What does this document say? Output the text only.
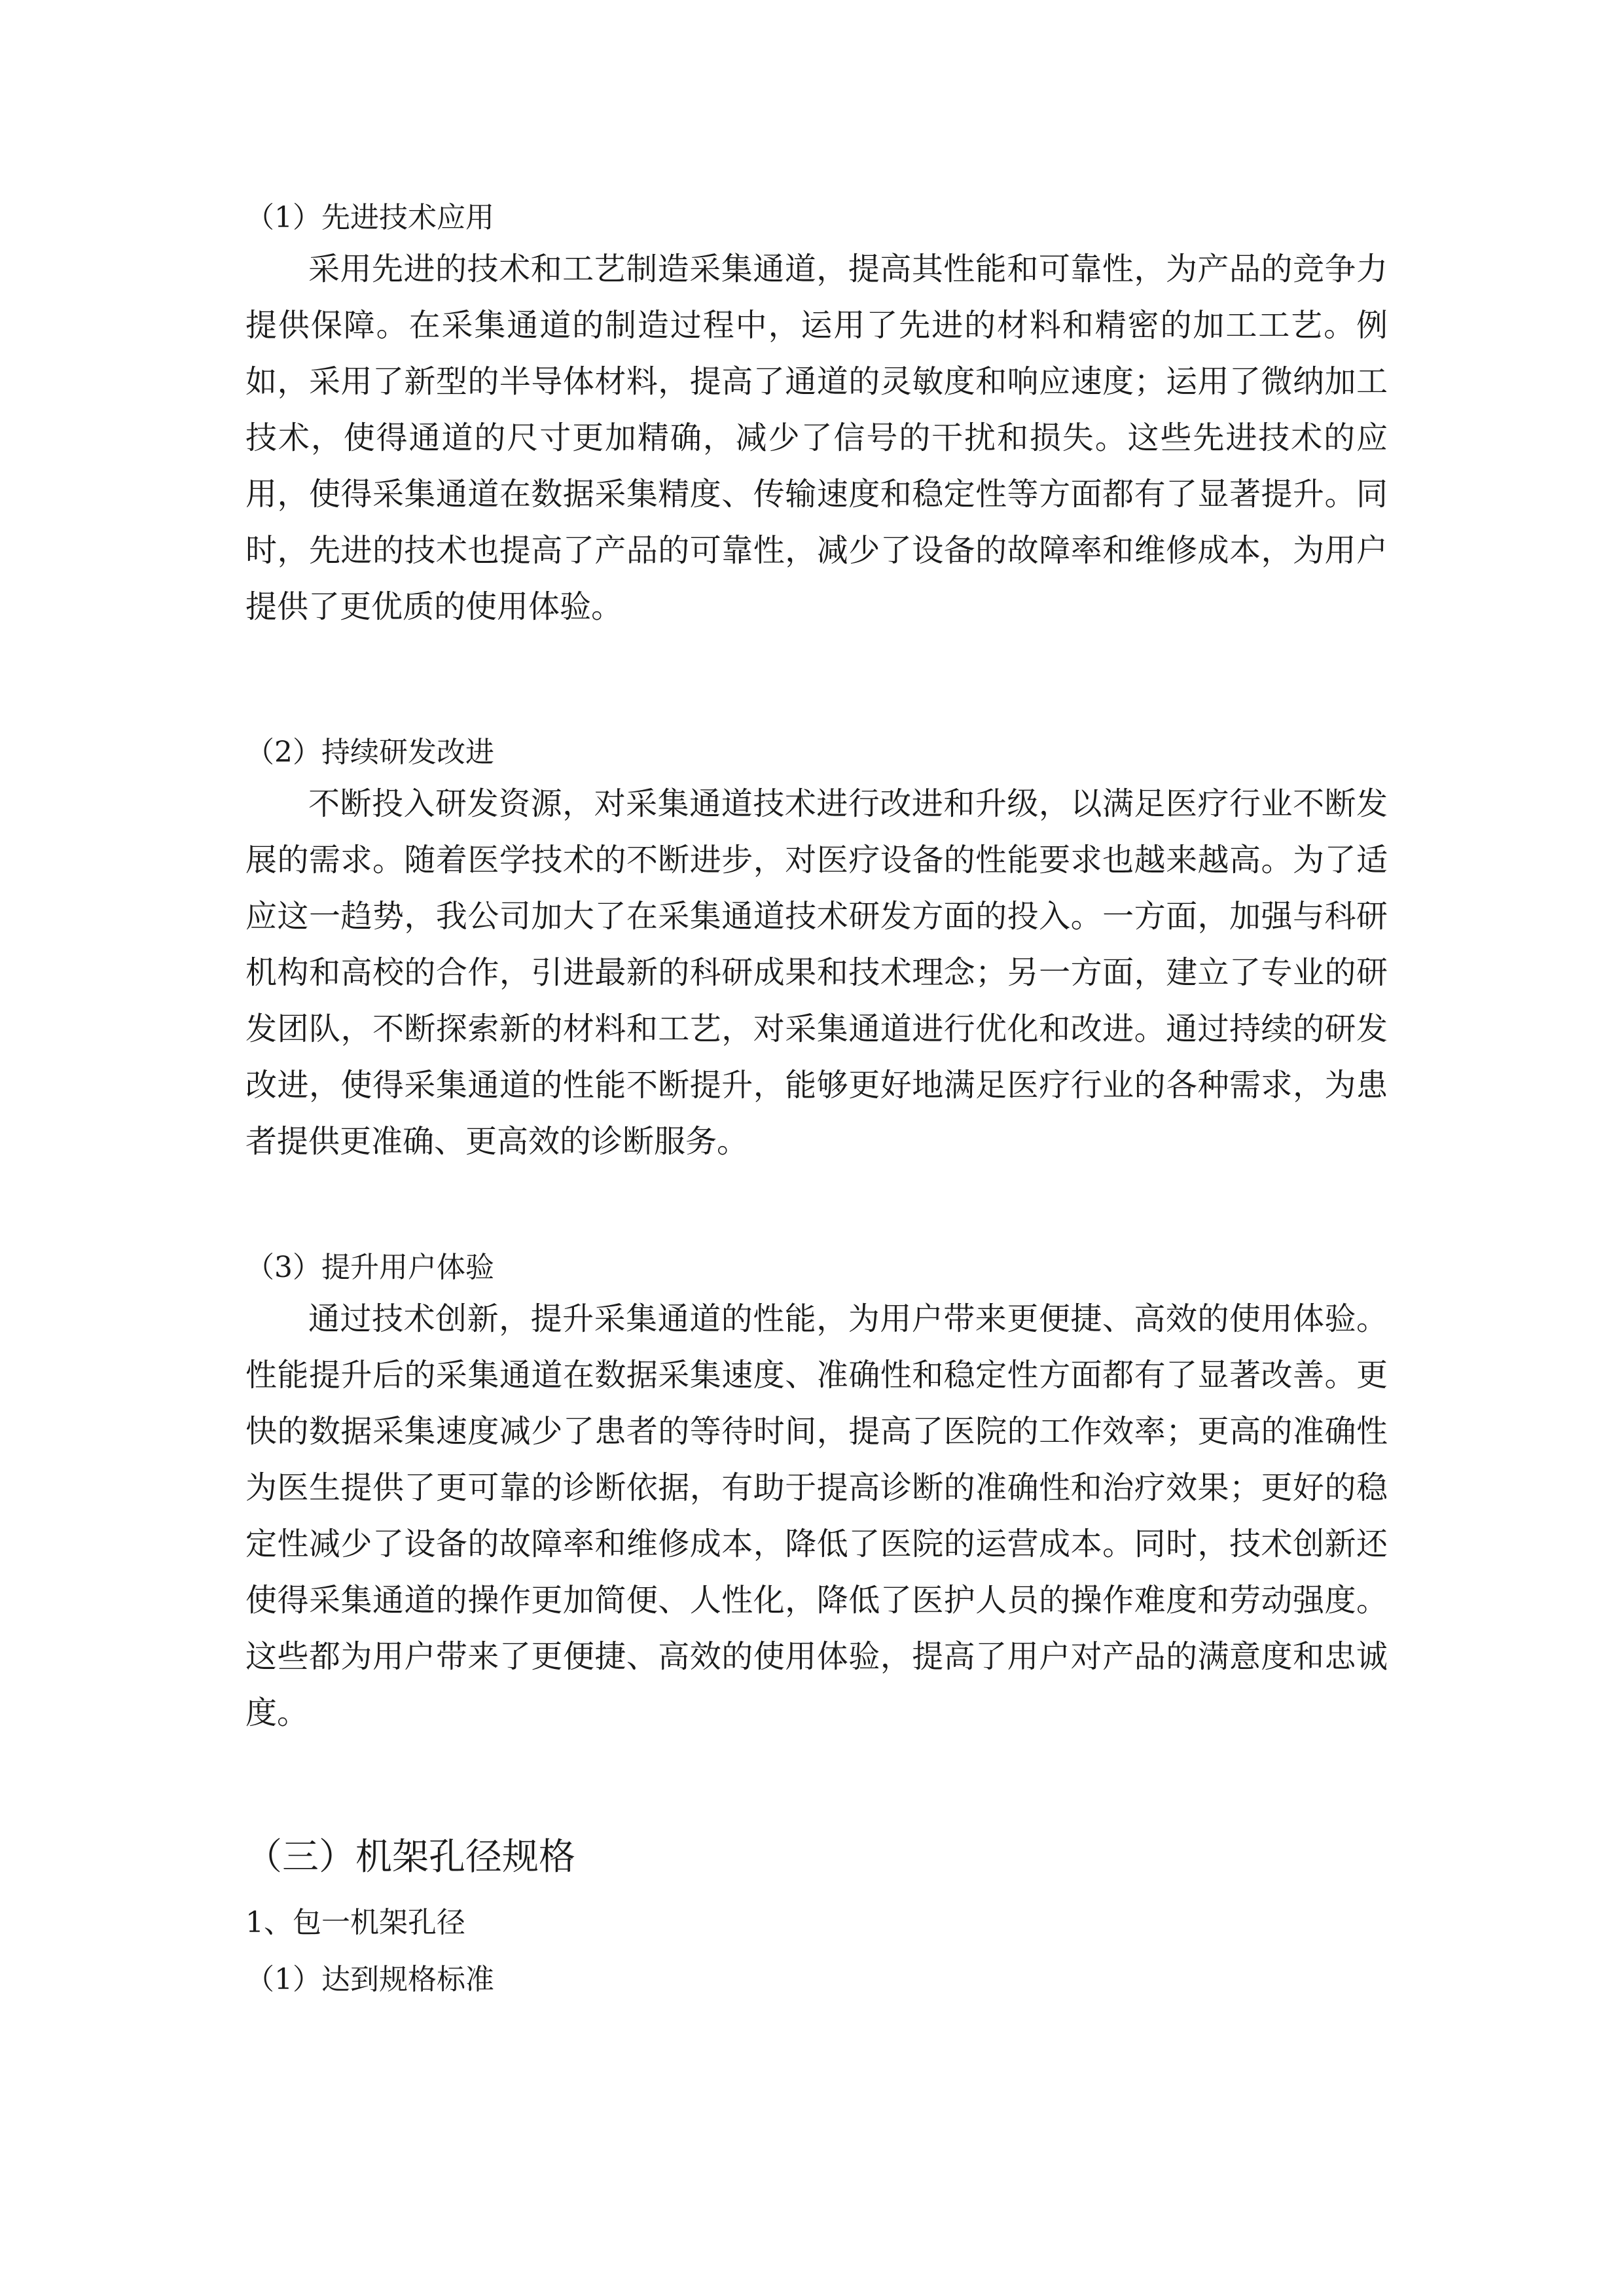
（1）先进技术应用

采用先进的技术和工艺制造采集通道，提高其性能和可靠性，为产品的竞争力提供保障。在采集通道的制造过程中，运用了先进的材料和精密的加工工艺。例如，采用了新型的半导体材料，提高了通道的灵敏度和响应速度；运用了微纳加工技术，使得通道的尺寸更加精确，减少了信号的干扰和损失。这些先进技术的应用，使得采集通道在数据采集精度、传输速度和稳定性等方面都有了显著提升。同时，先进的技术也提高了产品的可靠性，减少了设备的故障率和维修成本，为用户提供了更优质的使用体验。

（2）持续研发改进

不断投入研发资源，对采集通道技术进行改进和升级，以满足医疗行业不断发展的需求。随着医学技术的不断进步，对医疗设备的性能要求也越来越高。为了适应这一趋势，我公司加大了在采集通道技术研发方面的投入。一方面，加强与科研机构和高校的合作，引进最新的科研成果和技术理念；另一方面，建立了专业的研发团队，不断探索新的材料和工艺，对采集通道进行优化和改进。通过持续的研发改进，使得采集通道的性能不断提升，能够更好地满足医疗行业的各种需求，为患者提供更准确、更高效的诊断服务。

（3）提升用户体验

通过技术创新，提升采集通道的性能，为用户带来更便捷、高效的使用体验。性能提升后的采集通道在数据采集速度、准确性和稳定性方面都有了显著改善。更快的数据采集速度减少了患者的等待时间，提高了医院的工作效率；更高的准确性为医生提供了更可靠的诊断依据，有助于提高诊断的准确性和治疗效果；更好的稳定性减少了设备的故障率和维修成本，降低了医院的运营成本。同时，技术创新还使得采集通道的操作更加简便、人性化，降低了医护人员的操作难度和劳动强度。这些都为用户带来了更便捷、高效的使用体验，提高了用户对产品的满意度和忠诚度。

（三）机架孔径规格
1、包一机架孔径
（1）达到规格标准
